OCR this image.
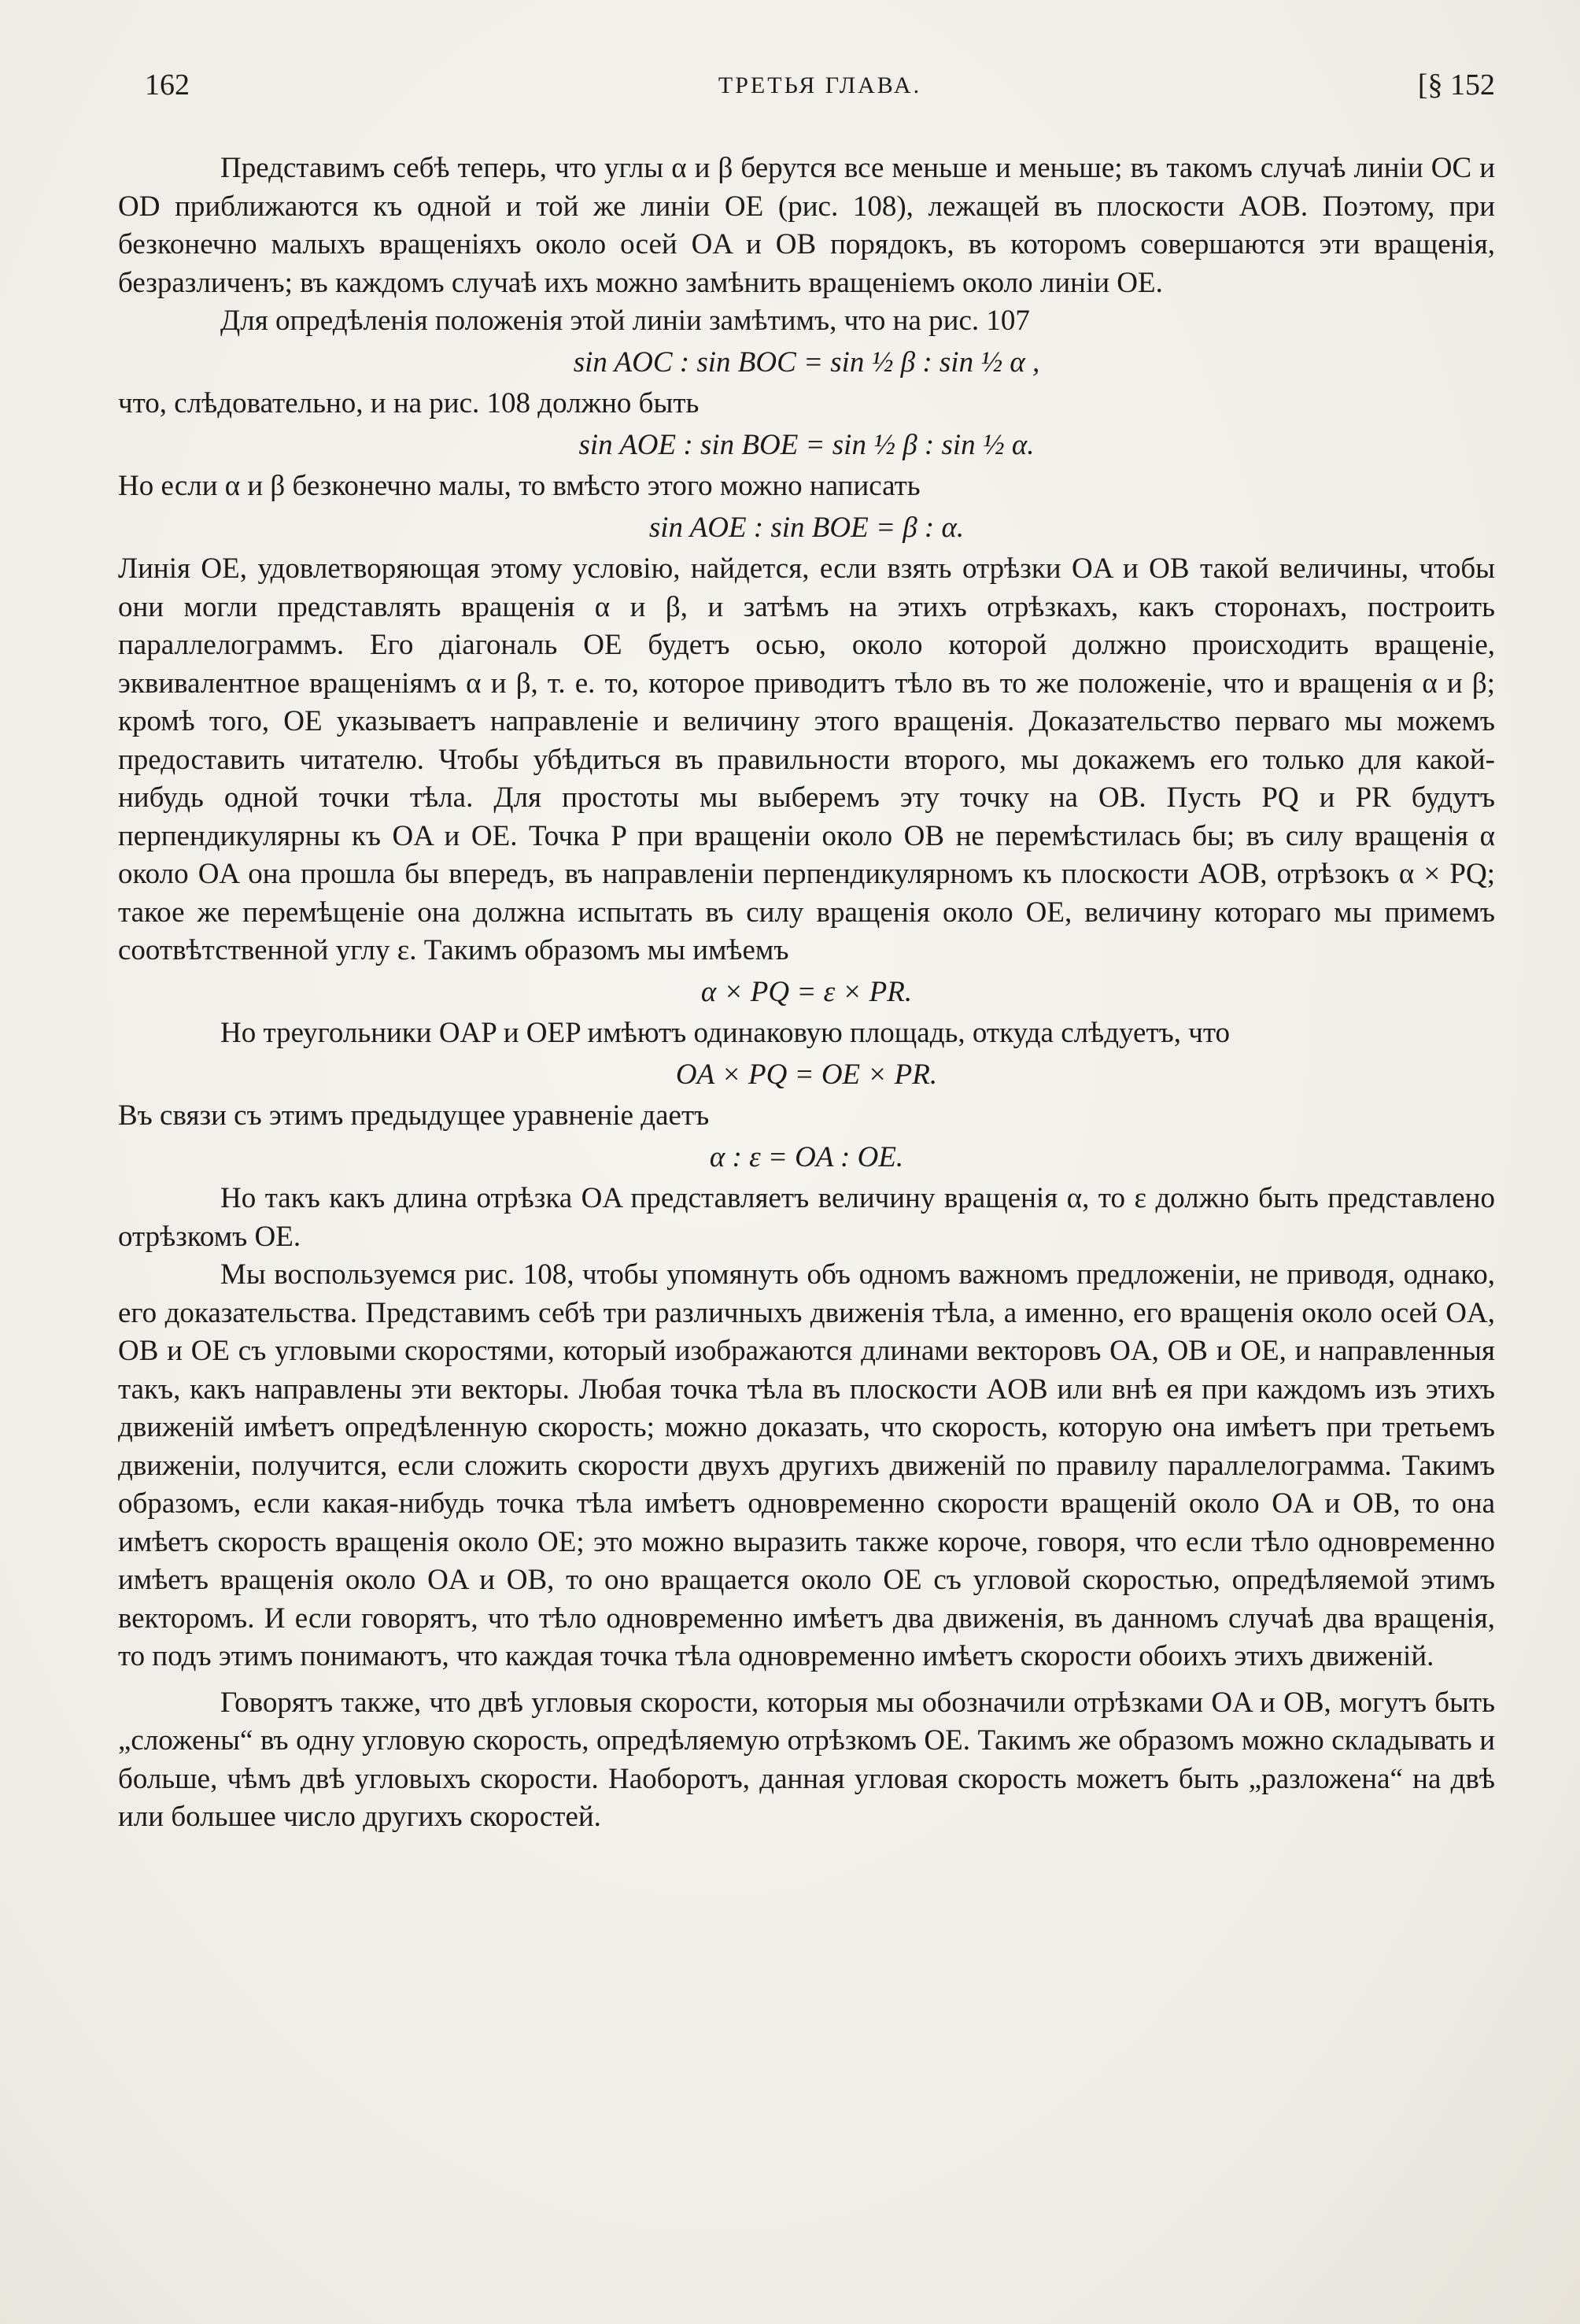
162	ТРЕТЬЯ ГЛАВА.	[§ 152

Представимъ себѣ теперь, что углы α и β берутся все меньше и меньше; въ такомъ случаѣ линіи OC и OD приближаются къ одной и той же линіи OE (рис. 108), лежащей въ плоскости AOB. Поэтому, при безконечно малыхъ вращеніяхъ около осей OA и OB порядокъ, въ которомъ совершаются эти вращенія, безразличенъ; въ каждомъ случаѣ ихъ можно замѣнить вращеніемъ около линіи OE.

Для опредѣленія положенія этой линіи замѣтимъ, что на рис. 107

sin AOC : sin BOC = sin ½ β : sin ½ α ,

что, слѣдовательно, и на рис. 108 должно быть

sin AOE : sin BOE = sin ½ β : sin ½ α.

Но если α и β безконечно малы, то вмѣсто этого можно написать

sin AOE : sin BOE = β : α.

Линія OE, удовлетворяющая этому условію, найдется, если взять отрѣзки OA и OB такой величины, чтобы они могли представлять вращенія α и β, и затѣмъ на этихъ отрѣзкахъ, какъ сторонахъ, построить параллелограммъ. Его діагональ OE будетъ осью, около которой должно происходить вращеніе, эквивалентное вращеніямъ α и β, т. е. то, которое приводитъ тѣло въ то же положеніе, что и вращенія α и β; кромѣ того, OE указываетъ направленіе и величину этого вращенія. Доказательство перваго мы можемъ предоставить читателю. Чтобы убѣдиться въ правильности второго, мы докажемъ его только для какой-нибудь одной точки тѣла. Для простоты мы выберемъ эту точку на OB. Пусть PQ и PR будутъ перпендикулярны къ OA и OE. Точка P при вращеніи около OB не перемѣстилась бы; въ силу вращенія α около OA она прошла бы впередъ, въ направленіи перпендикулярномъ къ плоскости AOB, отрѣзокъ α × PQ; такое же перемѣщеніе она должна испытать въ силу вращенія около OE, величину котораго мы примемъ соотвѣтственной углу ε. Такимъ образомъ мы имѣемъ

α × PQ = ε × PR.

Но треугольники OAP и OEP имѣютъ одинаковую площадь, откуда слѣдуетъ, что

OA × PQ = OE × PR.

Въ связи съ этимъ предыдущее уравненіе даетъ

α : ε = OA : OE.

Но такъ какъ длина отрѣзка OA представляетъ величину вращенія α, то ε должно быть представлено отрѣзкомъ OE.

Мы воспользуемся рис. 108, чтобы упомянуть объ одномъ важномъ предложеніи, не приводя, однако, его доказательства. Представимъ себѣ три различныхъ движенія тѣла, а именно, его вращенія около осей OA, OB и OE съ угловыми скоростями, который изображаются длинами векторовъ OA, OB и OE, и направленныя такъ, какъ направлены эти векторы. Любая точка тѣла въ плоскости AOB или внѣ ея при каждомъ изъ этихъ движеній имѣетъ опредѣленную скорость; можно доказать, что скорость, которую она имѣетъ при третьемъ движеніи, получится, если сложить скорости двухъ другихъ движеній по правилу параллелограмма. Такимъ образомъ, если какая-нибудь точка тѣла имѣетъ одновременно скорости вращеній около OA и OB, то она имѣетъ скорость вращенія около OE; это можно выразить также короче, говоря, что если тѣло одновременно имѣетъ вращенія около OA и OB, то оно вращается около OE съ угловой скоростью, опредѣляемой этимъ векторомъ. И если говорятъ, что тѣло одновременно имѣетъ два движенія, въ данномъ случаѣ два вращенія, то подъ этимъ понимаютъ, что каждая точка тѣла одновременно имѣетъ скорости обоихъ этихъ движеній.

Говорятъ также, что двѣ угловыя скорости, которыя мы обозначили отрѣзками OA и OB, могутъ быть „сложены“ въ одну угловую скорость, опредѣляемую отрѣзкомъ OE. Такимъ же образомъ можно складывать и больше, чѣмъ двѣ угловыхъ скорости. Наоборотъ, данная угловая скорость можетъ быть „разложена“ на двѣ или большее число другихъ скоростей.
